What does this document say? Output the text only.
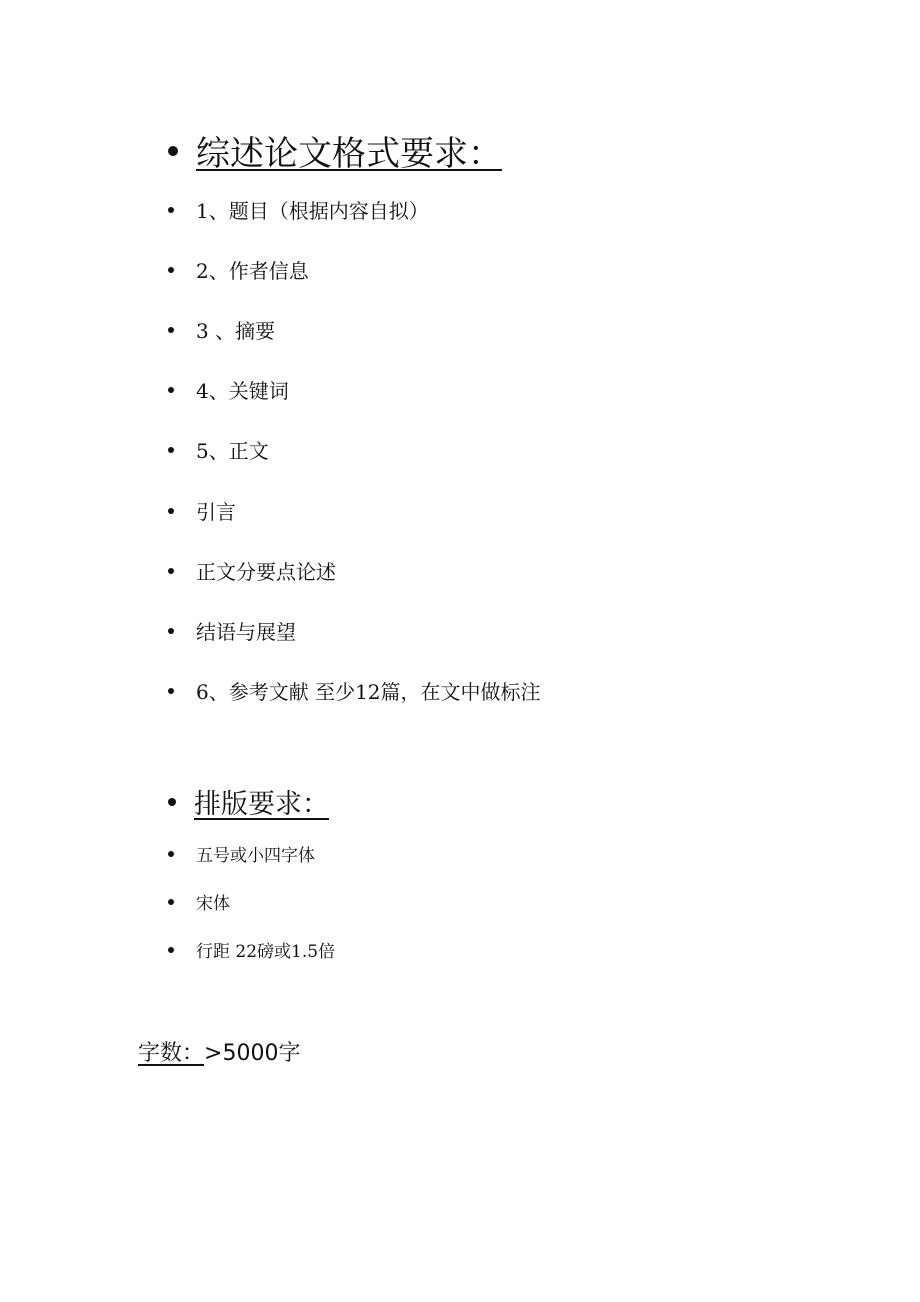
综述论文格式要求：
1、题目（根据内容自拟）
2、作者信息
3 、摘要
4、关键词
5、正文
引言
正文分要点论述
结语与展望
6、参考文献 至少12篇，在文中做标注
排版要求：
五号或小四字体
宋体
行距 22磅或1.5倍
字数：>5000字
